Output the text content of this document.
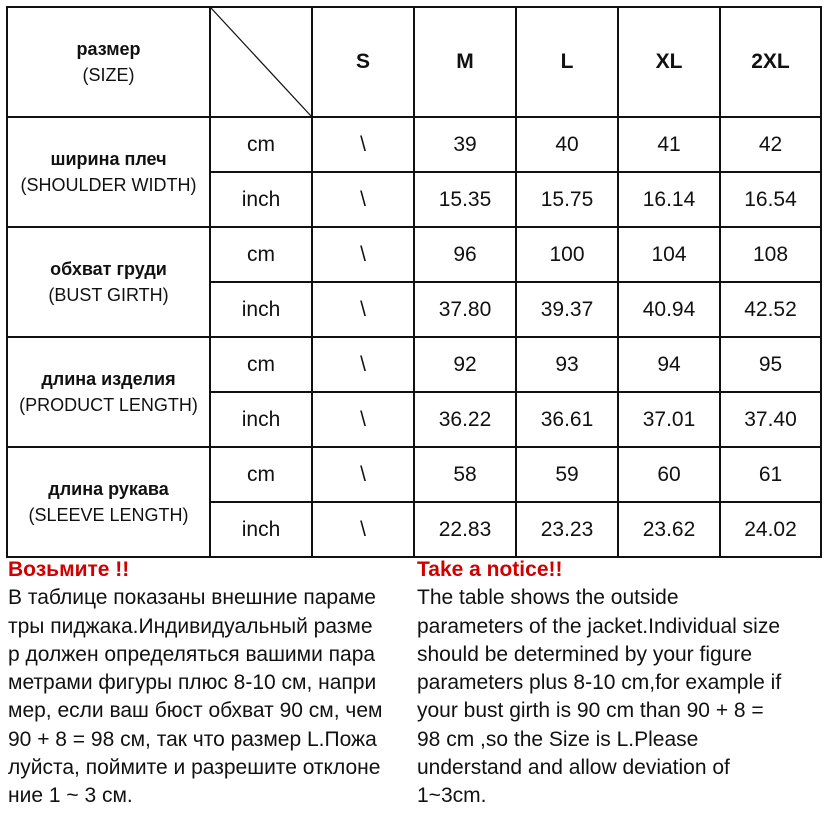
размер
(SIZE)		S	M	L	XL	2XL

ширина плеч
(SHOULDER WIDTH)	cm	\	39	40	41	42
	inch	\	15.35	15.75	16.14	16.54

обхват груди
(BUST GIRTH)	cm	\	96	100	104	108
	inch	\	37.80	39.37	40.94	42.52

длина изделия
(PRODUCT LENGTH)	cm	\	92	93	94	95
	inch	\	36.22	36.61	37.01	37.40

длина рукава
(SLEEVE LENGTH)	cm	\	58	59	60	61
	inch	\	22.83	23.23	23.62	24.02
Возьмите !!
В таблице показаны внешние параме
тры пиджака.Индивидуальный разме
р должен определяться вашими пара
метрами фигуры плюс 8-10 см, напри
мер, если ваш бюст обхват 90 см, чем
90 + 8 = 98 см, так что размер L.Пожа
луйста, поймите и разрешите отклоне
ние 1 ~ 3 см.
Take a notice!!
The table shows the outside
parameters of the jacket.Individual size
should be determined by your figure
parameters plus 8-10 cm,for example if
your bust girth is 90 cm than 90 + 8 =
98 cm ,so the Size is L.Please
understand and allow deviation of
1~3cm.
